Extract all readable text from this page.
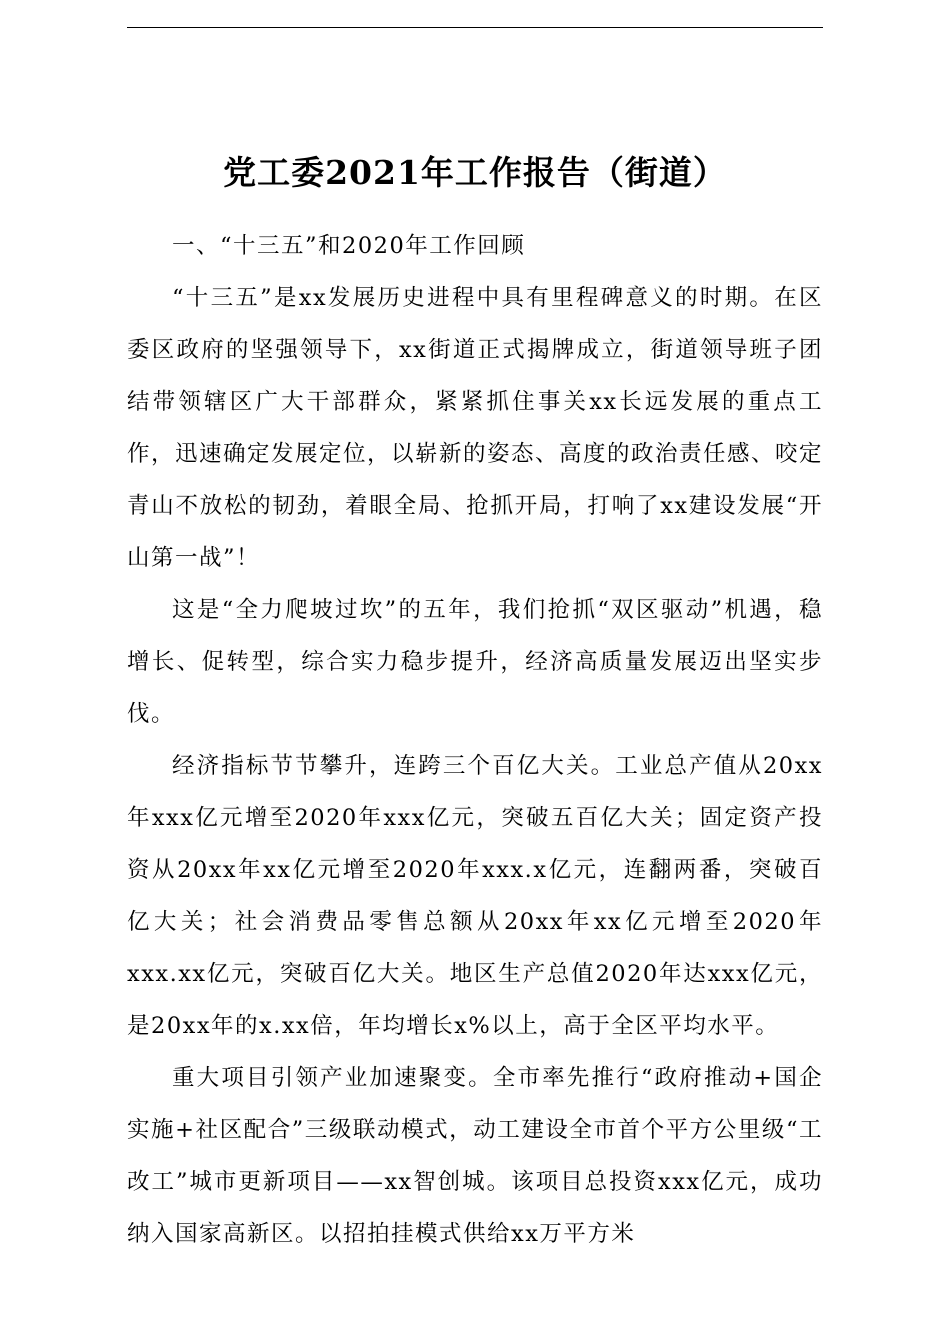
党工委2021年工作报告（街道）

一、“十三五”和2020年工作回顾

“十三五”是xx发展历史进程中具有里程碑意义的时期。在区委区政府的坚强领导下，xx街道正式揭牌成立，街道领导班子团结带领辖区广大干部群众，紧紧抓住事关xx长远发展的重点工作，迅速确定发展定位，以崭新的姿态、高度的政治责任感、咬定青山不放松的韧劲，着眼全局、抢抓开局，打响了xx建设发展“开山第一战”！

这是“全力爬坡过坎”的五年，我们抢抓“双区驱动”机遇，稳增长、促转型，综合实力稳步提升，经济高质量发展迈出坚实步伐。

经济指标节节攀升，连跨三个百亿大关。工业总产值从20xx年xxx亿元增至2020年xxx亿元，突破五百亿大关；固定资产投资从20xx年xx亿元增至2020年xxx.x亿元，连翻两番，突破百亿大关；社会消费品零售总额从20xx年xx亿元增至2020年xxx.xx亿元，突破百亿大关。地区生产总值2020年达xxx亿元，是20xx年的x.xx倍，年均增长x%以上，高于全区平均水平。

重大项目引领产业加速聚变。全市率先推行“政府推动+国企实施+社区配合”三级联动模式，动工建设全市首个平方公里级“工改工”城市更新项目——xx智创城。该项目总投资xxx亿元，成功纳入国家高新区。以招拍挂模式供给xx万平方米
